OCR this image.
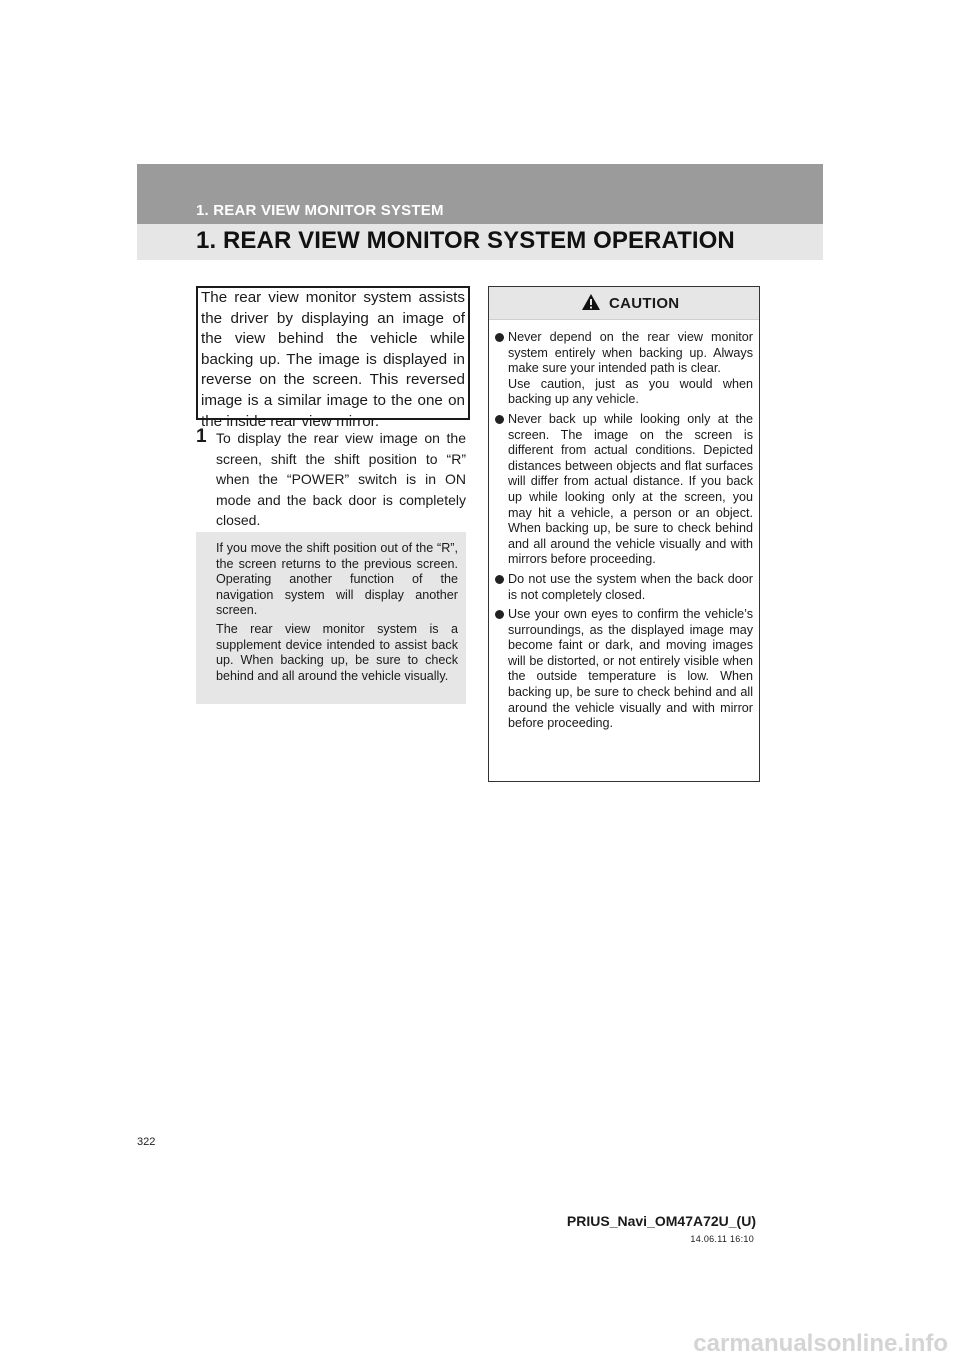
1. REAR VIEW MONITOR SYSTEM
1. REAR VIEW MONITOR SYSTEM OPERATION

The rear view monitor system assists the driver by displaying an image of the view behind the vehicle while backing up. The image is displayed in reverse on the screen. This reversed image is a similar image to the one on the inside rear view mirror.

1 To display the rear view image on the screen, shift the shift position to “R” when the “POWER” switch is in ON mode and the back door is completely closed.
If you move the shift position out of the “R”, the screen returns to the previous screen. Operating another function of the navigation system will display another screen.
The rear view monitor system is a supplement device intended to assist back up. When backing up, be sure to check behind and all around the vehicle visually.
CAUTION
Never depend on the rear view monitor system entirely when backing up. Always make sure your intended path is clear.
Use caution, just as you would when backing up any vehicle.
Never back up while looking only at the screen. The image on the screen is different from actual conditions. Depicted distances between objects and flat surfaces will differ from actual distance. If you back up while looking only at the screen, you may hit a vehicle, a person or an object. When backing up, be sure to check behind and all around the vehicle visually and with mirrors before proceeding.
Do not use the system when the back door is not completely closed.
Use your own eyes to confirm the vehicle’s surroundings, as the displayed image may become faint or dark, and moving images will be distorted, or not entirely visible when the outside temperature is low. When backing up, be sure to check behind and all around the vehicle visually and with mirror before proceeding.
322
PRIUS_Navi_OM47A72U_(U)
14.06.11 16:10
carmanualsonline.info
